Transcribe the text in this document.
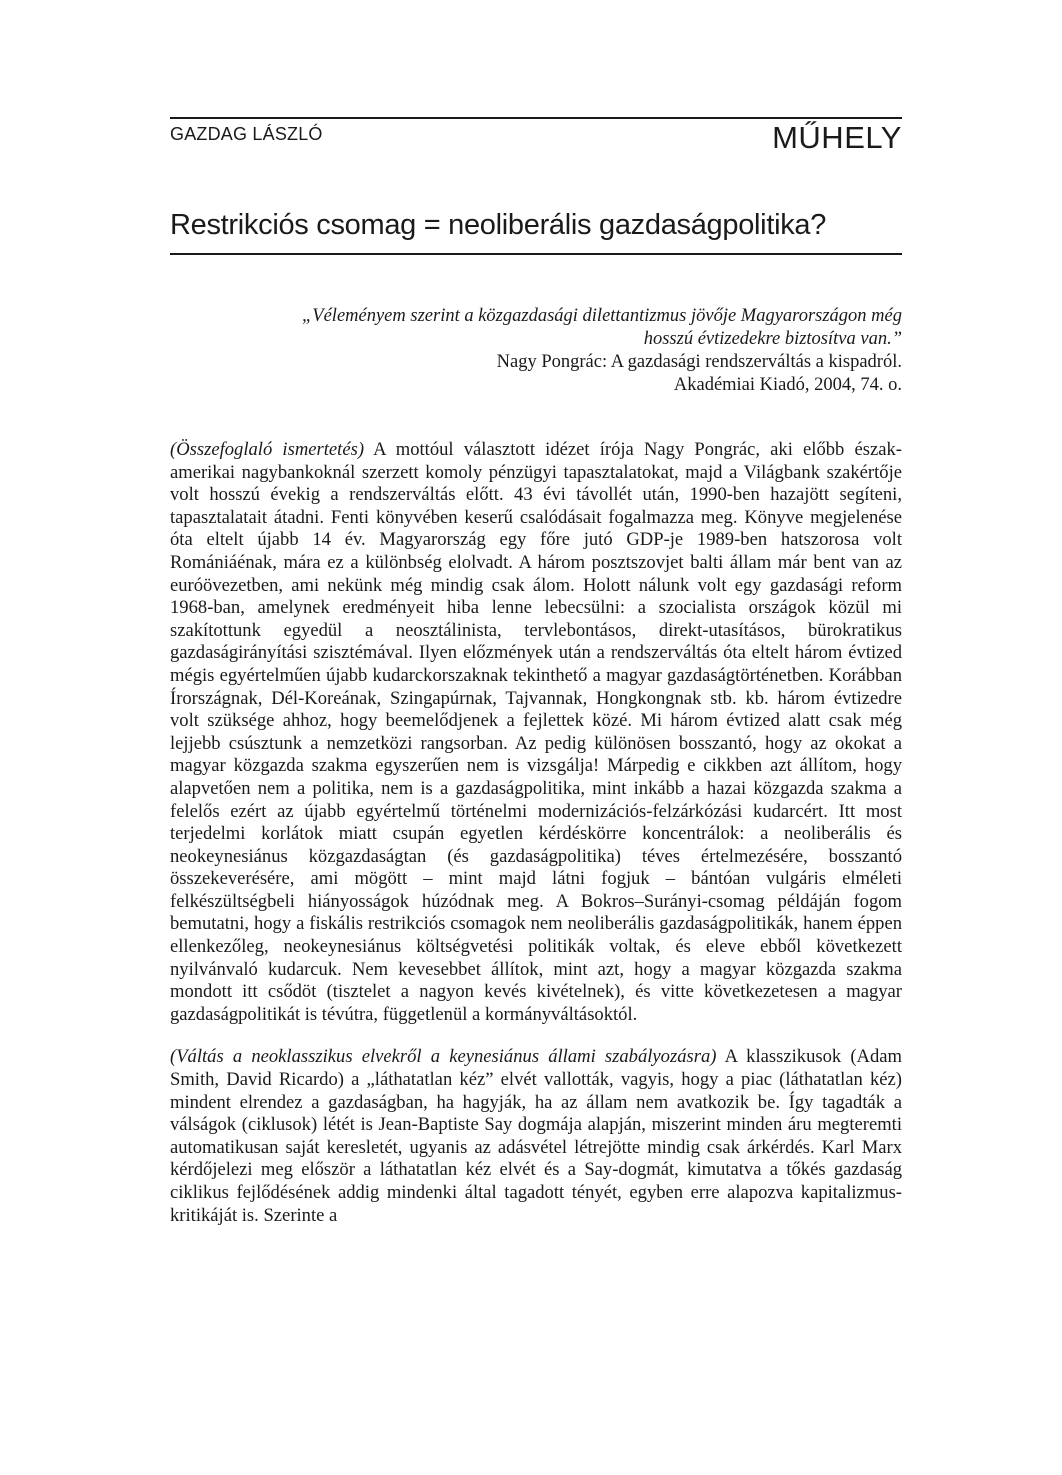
GAZDAG LÁSZLÓ	MŰHELY
Restrikciós csomag = neoliberális gazdaságpolitika?
„Véleményem szerint a közgazdasági dilettantizmus jövője Magyarországon még
hosszú évtizedekre biztosítva van.”
Nagy Pongrác: A gazdasági rendszerváltás a kispadról.
Akadémiai Kiadó, 2004, 74. o.

(Összefoglaló ismertetés) A mottóul választott idézet írója Nagy Pongrác, aki előbb észak-amerikai nagybankoknál szerzett komoly pénzügyi tapasztalatokat, majd a Világbank szakértője volt hosszú évekig a rendszerváltás előtt. 43 évi távollét után, 1990-ben hazajött segíteni, tapasztalatait átadni. Fenti könyvében keserű csalódásait fogalmazza meg. Könyve megjelenése óta eltelt újabb 14 év. Magyarország egy főre jutó GDP-je 1989-ben hatszorosa volt Romániáénak, mára ez a különbség elolvadt. A három posztszovjet balti állam már bent van az euróövezetben, ami nekünk még mindig csak álom. Holott nálunk volt egy gazdasági reform 1968-ban, amelynek eredményeit hiba lenne lebecsülni: a szocialista országok közül mi szakítottunk egyedül a neosztálinista, tervlebontásos, direkt-utasításos, bürokratikus gazdaságirányítási szisztémával. Ilyen előzmények után a rendszerváltás óta eltelt három évtized mégis egyértelműen újabb kudarckorszaknak tekinthető a magyar gazdaságtörténetben. Korábban Írországnak, Dél-Koreának, Szingapúrnak, Tajvannak, Hongkongnak stb. kb. három évtizedre volt szüksége ahhoz, hogy beemelődjenek a fejlettek közé. Mi három évtized alatt csak még lejjebb csúsztunk a nemzetközi rangsorban. Az pedig különösen bosszantó, hogy az okokat a magyar közgazda szakma egyszerűen nem is vizsgálja! Márpedig e cikkben azt állítom, hogy alapvetően nem a politika, nem is a gazdaságpolitika, mint inkább a hazai közgazda szakma a felelős ezért az újabb egyértelmű történelmi modernizációs-felzárkózási kudarcért. Itt most terjedelmi korlátok miatt csupán egyetlen kérdéskörre koncentrálok: a neoliberális és neokeynesiánus közgazdaságtan (és gazdaságpolitika) téves értelmezésére, bosszantó összekeverésére, ami mögött – mint majd látni fogjuk – bántóan vulgáris elméleti felkészültségbeli hiányosságok húzódnak meg. A Bokros–Surányi-csomag példáján fogom bemutatni, hogy a fiskális restrikciós csomagok nem neoliberális gazdaságpolitikák, hanem éppen ellenkezőleg, neokeynesiánus költségvetési politikák voltak, és eleve ebből következett nyilvánvaló kudarcuk. Nem kevesebbet állítok, mint azt, hogy a magyar közgazda szakma mondott itt csődöt (tisztelet a nagyon kevés kivételnek), és vitte következetesen a magyar gazdaságpolitikát is tévútra, függetlenül a kormányváltásoktól.

(Váltás a neoklasszikus elvekről a keynesiánus állami szabályozásra) A klasszikusok (Adam Smith, David Ricardo) a „láthatatlan kéz” elvét vallották, vagyis, hogy a piac (láthatatlan kéz) mindent elrendez a gazdaságban, ha hagyják, ha az állam nem avatkozik be. Így tagadták a válságok (ciklusok) létét is Jean-Baptiste Say dogmája alapján, miszerint minden áru megteremti automatikusan saját keresletét, ugyanis az adásvétel létrejötte mindig csak árkérdés. Karl Marx kérdőjelezi meg először a láthatatlan kéz elvét és a Say-dogmát, kimutatva a tőkés gazdaság ciklikus fejlődésének addig mindenki által tagadott tényét, egyben erre alapozva kapitalizmus-kritikáját is. Szerinte a
